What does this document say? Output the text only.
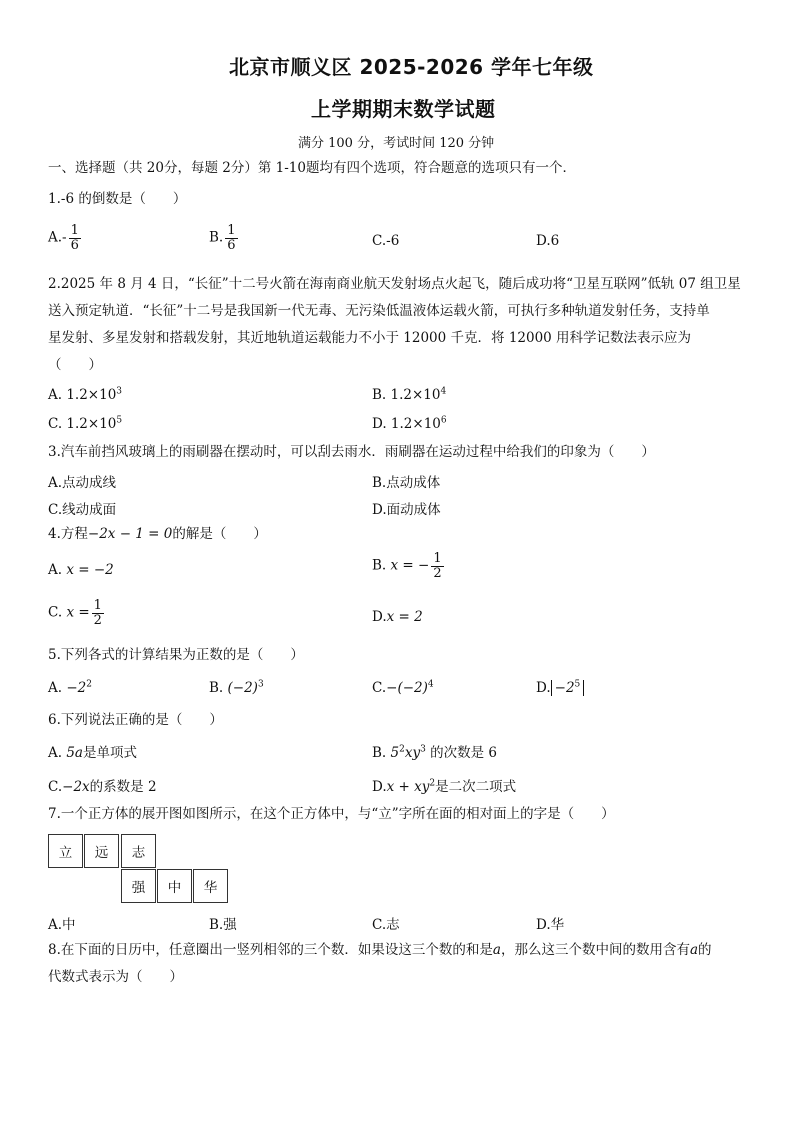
北京市顺义区 2025-2026 学年七年级
上学期期末数学试题
满分 100 分，考试时间 120 分钟
一、选择题（共 20分，每题 2分）第 1-10题均有四个选项，符合题意的选项只有一个．
1.-6 的倒数是（　　）
$A.- \frac{1}{6}$	B. $\frac{1}{6}$	C.-6	D.6
2.2025 年 8 月 4 日，“长征”十二号火箭在海南商业航天发射场点火起飞，随后成功将“卫星互联网”低轨 07 组卫星
送入预定轨道．“长征”十二号是我国新一代无毒、无污染低温液体运载火箭，可执行多种轨道发射任务，支持单
星发射、多星发射和搭载发射，其近地轨道运载能力不小于 12000 千克．将 12000 用科学记数法表示应为
（　　）
A. $1.2\times 10^3$	B. $1.2\times 10^4$
C. $1.2\times 10^5$	D. $1.2\times 10^6$
3.汽车前挡风玻璃上的雨刷器在摆动时，可以刮去雨水．雨刷器在运动过程中给我们的印象为（　　）
A.点动成线	B.点动成体
C.线动成面	D.面动成体
4.方程−2x − 1 = 0的解是（　　）
A. x = −2	B. x = − $\frac{1}{2}$
C. $x = \frac{1}{2}$	D.x = 2
5.下列各式的计算结果为正数的是（　　）
A. $-2^2$	B. $(-2)^3$	$C.-(-2)^4$	D. $-2^5$
6.下列说法正确的是（　　）
A. 5a是单项式	B. $5^2xy^3$ 的次数是 6
C.−2x的系数是 2	$D.x + xy^2$是二次二项式
7.一个正方体的展开图如图所示，在这个正方体中，与“立”字所在面的相对面上的字是（　　）
立	远	志
强	中	华
A.中	B.强	C.志	D.华
8.在下面的日历中，任意圈出一竖列相邻的三个数．如果设这三个数的和是a，那么这三个数中间的数用含有a的
代数式表示为（　　）
